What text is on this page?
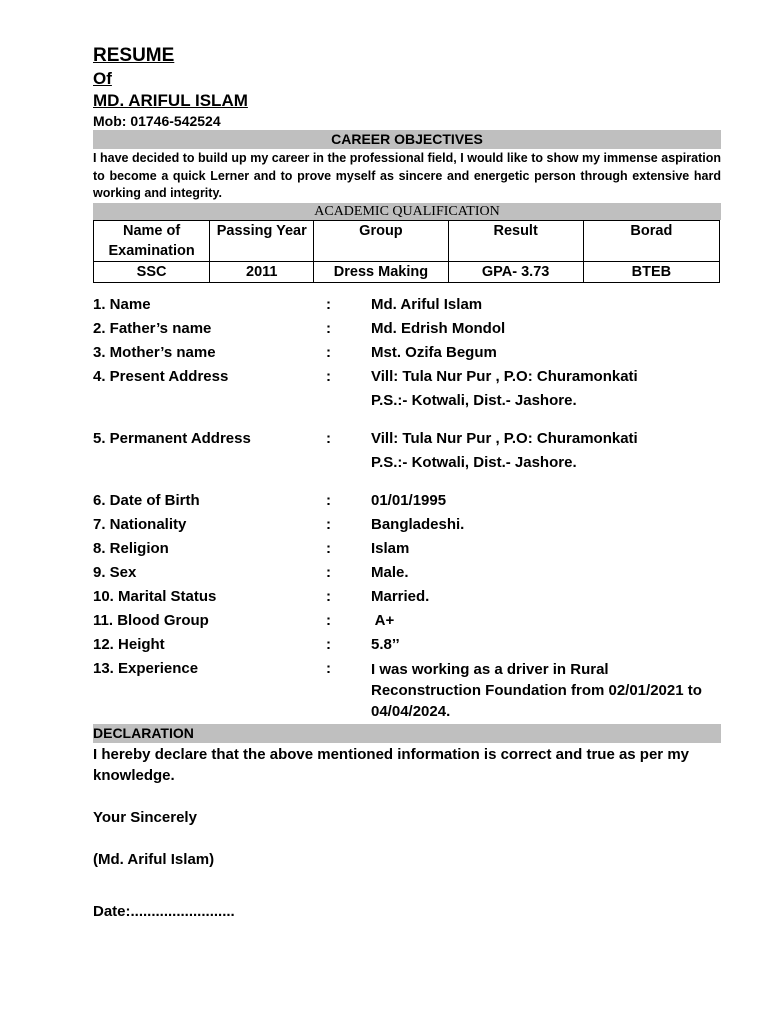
RESUME
Of
MD. ARIFUL ISLAM
Mob: 01746-542524
CAREER OBJECTIVES
I have decided to build up my career in the professional field, I would like to show my immense aspiration to become a quick Lerner and to prove myself as sincere and energetic person through extensive hard working and integrity.
ACADEMIC QUALIFICATION
Name of Examination	Passing Year	Group	Result	Borad
SSC	2011	Dress Making	GPA- 3.73	BTEB
1. Name	:	Md. Ariful Islam
2. Father’s name	:	Md. Edrish Mondol
3. Mother’s name	:	Mst. Ozifa Begum
4. Present Address	:	Vill: Tula Nur Pur , P.O: Churamonkati
P.S.:- Kotwali, Dist.- Jashore.
5. Permanent Address	:	Vill: Tula Nur Pur , P.O: Churamonkati
P.S.:- Kotwali, Dist.- Jashore.
6. Date of Birth	:	01/01/1995
7. Nationality	:	Bangladeshi.
8. Religion	:	Islam
9. Sex	:	Male.
10. Marital Status	:	Married.
11. Blood Group	:	A+
12. Height	:	5.8’’
13. Experience	:	I was working as a driver in Rural Reconstruction Foundation from 02/01/2021 to 04/04/2024.
DECLARATION
I hereby declare that the above mentioned information is correct and true as per my knowledge.
Your Sincerely
(Md. Ariful Islam)
Date:.........................
